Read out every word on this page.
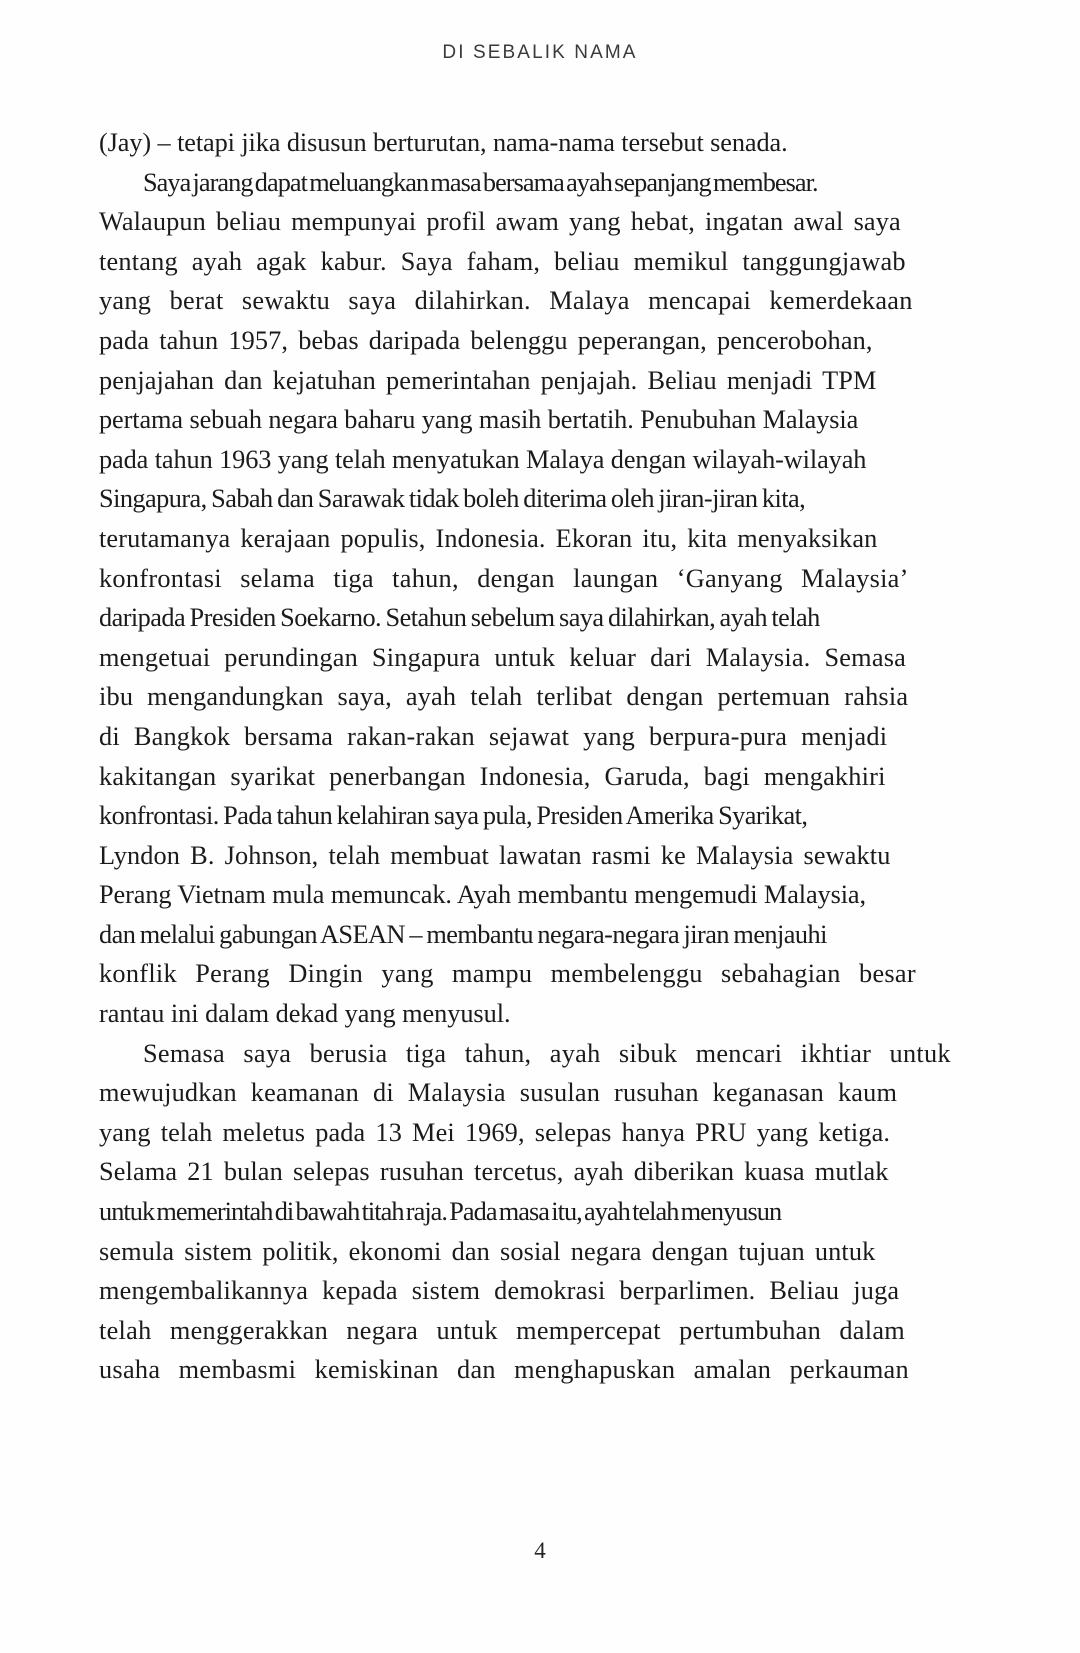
DI SEBALIK NAMA

(Jay) – tetapi jika disusun berturutan, nama-nama tersebut senada.

Saya jarang dapat meluangkan masa bersama ayah sepanjang membesar.
Walaupun beliau mempunyai profil awam yang hebat, ingatan awal saya
tentang ayah agak kabur. Saya faham, beliau memikul tanggungjawab
yang berat sewaktu saya dilahirkan. Malaya mencapai kemerdekaan
pada tahun 1957, bebas daripada belenggu peperangan, pencerobohan,
penjajahan dan kejatuhan pemerintahan penjajah. Beliau menjadi TPM
pertama sebuah negara baharu yang masih bertatih. Penubuhan Malaysia
pada tahun 1963 yang telah menyatukan Malaya dengan wilayah-wilayah
Singapura, Sabah dan Sarawak tidak boleh diterima oleh jiran-jiran kita,
terutamanya kerajaan populis, Indonesia. Ekoran itu, kita menyaksikan
konfrontasi selama tiga tahun, dengan laungan ‘Ganyang Malaysia’
daripada Presiden Soekarno. Setahun sebelum saya dilahirkan, ayah telah
mengetuai perundingan Singapura untuk keluar dari Malaysia. Semasa
ibu mengandungkan saya, ayah telah terlibat dengan pertemuan rahsia
di Bangkok bersama rakan-rakan sejawat yang berpura-pura menjadi
kakitangan syarikat penerbangan Indonesia, Garuda, bagi mengakhiri
konfrontasi. Pada tahun kelahiran saya pula, Presiden Amerika Syarikat,
Lyndon B. Johnson, telah membuat lawatan rasmi ke Malaysia sewaktu
Perang Vietnam mula memuncak. Ayah membantu mengemudi Malaysia,
dan melalui gabungan ASEAN – membantu negara-negara jiran menjauhi
konflik Perang Dingin yang mampu membelenggu sebahagian besar
rantau ini dalam dekad yang menyusul.

Semasa saya berusia tiga tahun, ayah sibuk mencari ikhtiar untuk
mewujudkan keamanan di Malaysia susulan rusuhan keganasan kaum
yang telah meletus pada 13 Mei 1969, selepas hanya PRU yang ketiga.
Selama 21 bulan selepas rusuhan tercetus, ayah diberikan kuasa mutlak
untuk memerintah di bawah titah raja. Pada masa itu, ayah telah menyusun
semula sistem politik, ekonomi dan sosial negara dengan tujuan untuk
mengembalikannya kepada sistem demokrasi berparlimen. Beliau juga
telah menggerakkan negara untuk mempercepat pertumbuhan dalam
usaha membasmi kemiskinan dan menghapuskan amalan perkauman

4
